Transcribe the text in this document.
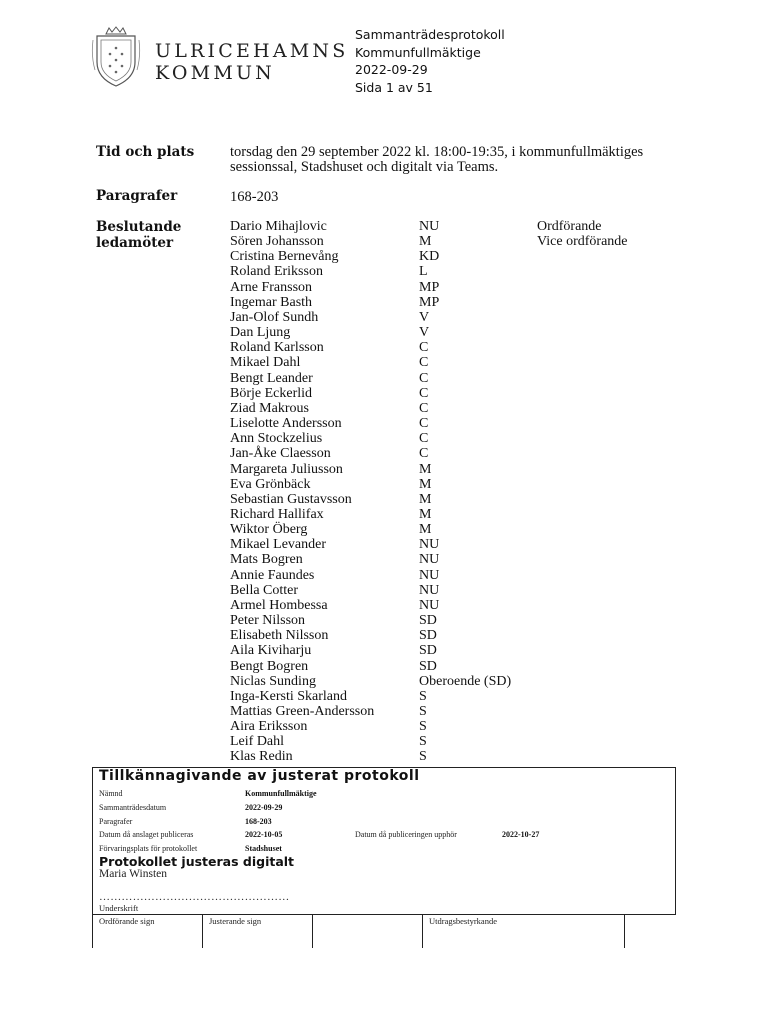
ULRICEHAMNS
KOMMUN
Sammanträdesprotokoll
Kommunfullmäktige
2022-09-29
Sida 1 av 51
Tid och plats torsdag den 29 september 2022 kl. 18:00-19:35, i kommunfullmäktiges
sessionssal, Stadshuset och digitalt via Teams.
Paragrafer	168-203
Beslutande
ledamöter
Dario Mihajlovic	NU	Ordförande
Sören Johansson	M	Vice ordförande
Cristina Bernevång	KD
Roland Eriksson	L
Arne Fransson	MP
Ingemar Basth	MP
Jan-Olof Sundh	V
Dan Ljung	V
Roland Karlsson	C
Mikael Dahl	C
Bengt Leander	C
Börje Eckerlid	C
Ziad Makrous	C
Liselotte Andersson	C
Ann Stockzelius	C
Jan-Åke Claesson	C
Margareta Juliusson	M
Eva Grönbäck	M
Sebastian Gustavsson	M
Richard Hallifax	M
Wiktor Öberg	M
Mikael Levander	NU
Mats Bogren	NU
Annie Faundes	NU
Bella Cotter	NU
Armel Hombessa	NU
Peter Nilsson	SD
Elisabeth Nilsson	SD
Aila Kiviharju	SD
Bengt Bogren	SD
Niclas Sunding	Oberoende (SD)
Inga-Kersti Skarland	S
Mattias Green-Andersson	S
Aira Eriksson	S
Leif Dahl	S
Klas Redin	S
Tillkännagivande av justerat protokoll
Nämnd	Kommunfullmäktige
Sammanträdesdatum	2022-09-29
Paragrafer	168-203
Datum då anslaget publiceras	2022-10-05	Datum då publiceringen upphör	2022-10-27
Förvaringsplats för protokollet	Stadshuset
Protokollet justeras digitalt
Maria Winsten
……………………………………………
Underskrift
Ordförande sign	Justerande sign	Utdragsbestyrkande
